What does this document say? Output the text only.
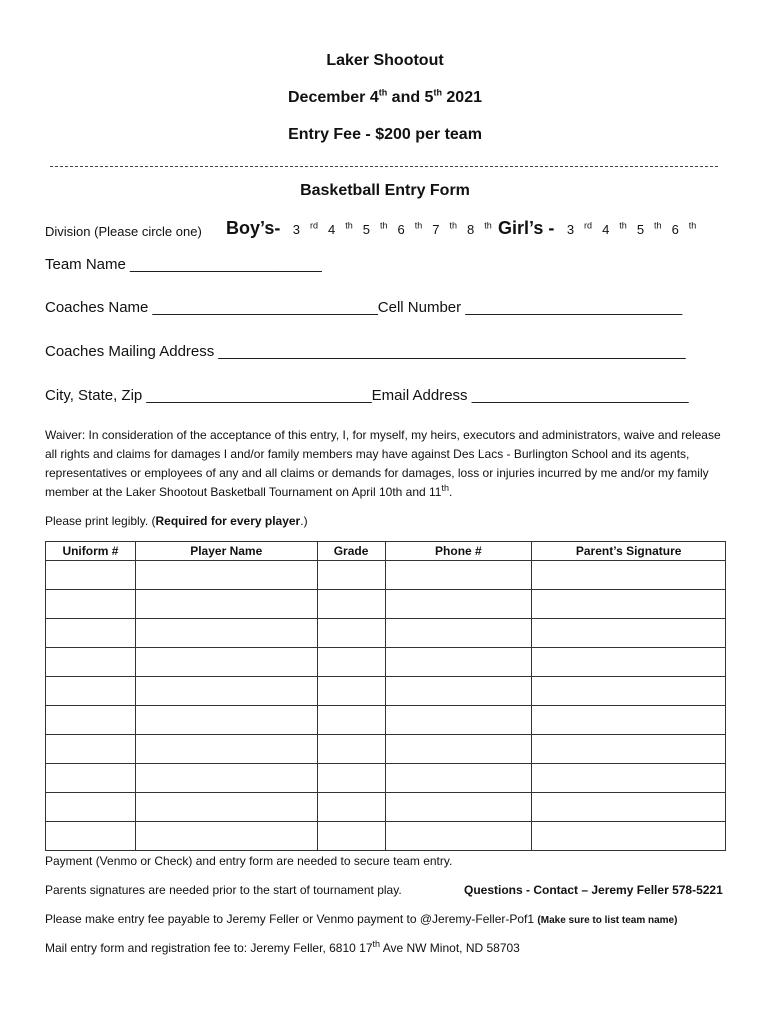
Laker Shootout
December 4th and 5th 2021
Entry Fee - $200 per team
Basketball Entry Form
Division (Please circle one) Boy’s- 3 $^{rd}$ 4 $^{th}$ 5 $^{th}$ 6 $^{th}$ 7 $^{th}$ 8 $^{th}$ Girl’s - 3 $^{rd}$ 4 $^{th}$ 5 $^{th}$ 6 $^{th}$
Team Name _______________________
Coaches Name ___________________________Cell Number __________________________
Coaches Mailing Address ________________________________________________________
City, State, Zip ___________________________Email Address __________________________
Waiver: In consideration of the acceptance of this entry, I, for myself, my heirs, executors and administrators, waive and release all rights and claims for damages I and/or family members may have against Des Lacs - Burlington School and its agents, representatives or employees of any and all claims or demands for damages, loss or injuries incurred by me and/or my family member at the Laker Shootout Basketball Tournament on April 10th and 11th.
Please print legibly. (Required for every player.)
Uniform #	Player Name	Grade	Phone #	Parent’s Signature

Payment (Venmo or Check) and entry form are needed to secure team entry.
Parents signatures are needed prior to the start of tournament play.	Questions - Contact – Jeremy Feller 578-5221
Please make entry fee payable to Jeremy Feller or Venmo payment to @Jeremy-Feller-Pof1 (Make sure to list team name)
Mail entry form and registration fee to: Jeremy Feller, 6810 17th Ave NW Minot, ND 58703
